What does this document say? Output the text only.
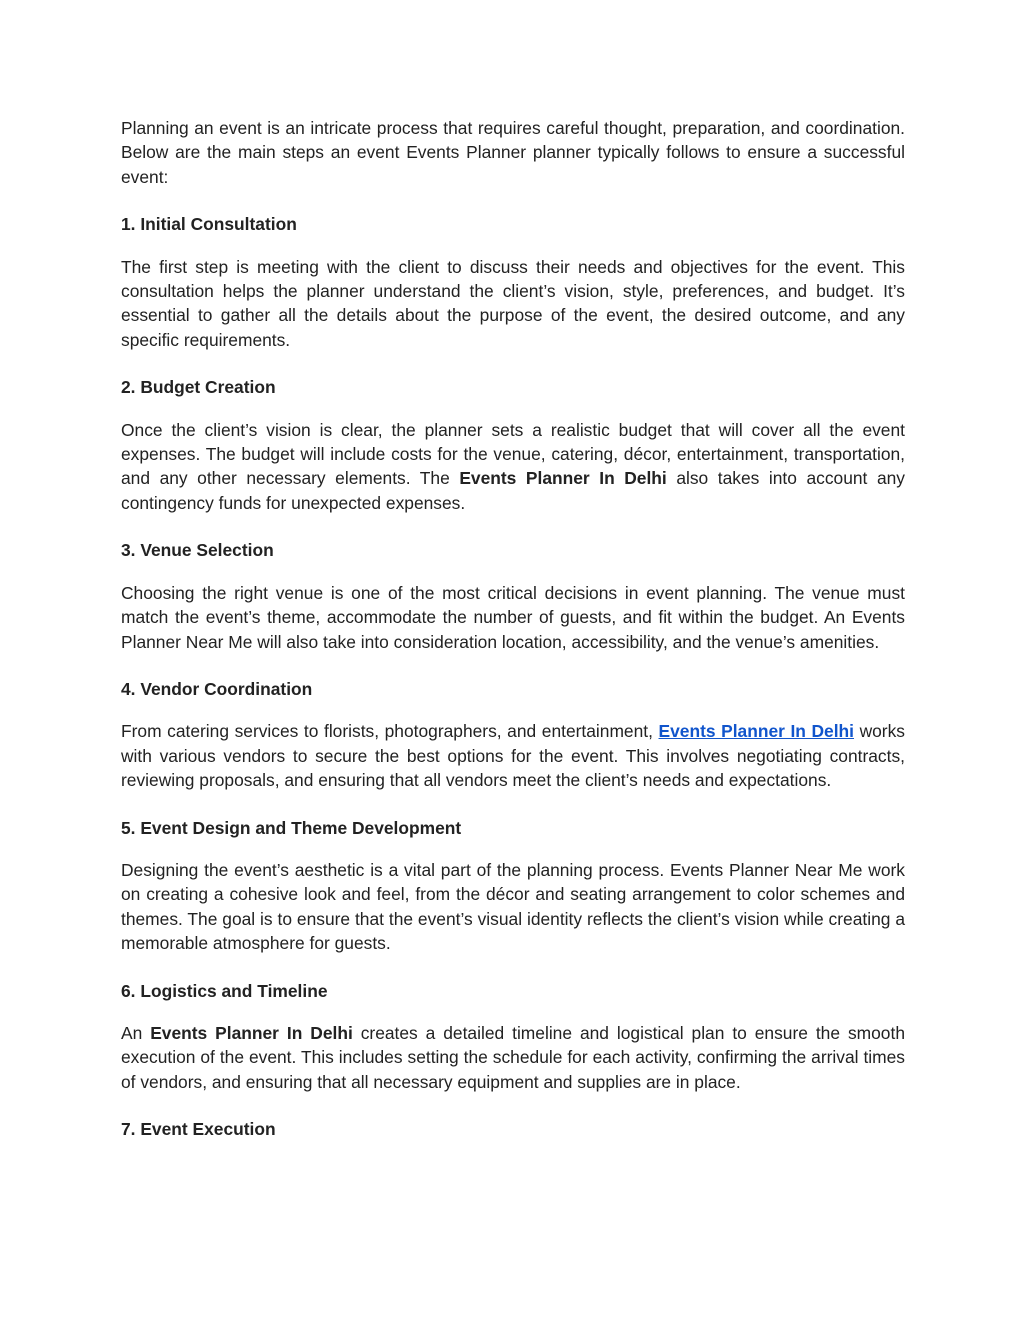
Planning an event is an intricate process that requires careful thought, preparation, and coordination. Below are the main steps an event Events Planner planner typically follows to ensure a successful event:

1. Initial Consultation

The first step is meeting with the client to discuss their needs and objectives for the event. This consultation helps the planner understand the client’s vision, style, preferences, and budget. It’s essential to gather all the details about the purpose of the event, the desired outcome, and any specific requirements.

2. Budget Creation

Once the client’s vision is clear, the planner sets a realistic budget that will cover all the event expenses. The budget will include costs for the venue, catering, décor, entertainment, transportation, and any other necessary elements. The Events Planner In Delhi also takes into account any contingency funds for unexpected expenses.

3. Venue Selection

Choosing the right venue is one of the most critical decisions in event planning. The venue must match the event’s theme, accommodate the number of guests, and fit within the budget. An Events Planner Near Me will also take into consideration location, accessibility, and the venue’s amenities.

4. Vendor Coordination

From catering services to florists, photographers, and entertainment, Events Planner In Delhi works with various vendors to secure the best options for the event. This involves negotiating contracts, reviewing proposals, and ensuring that all vendors meet the client’s needs and expectations.

5. Event Design and Theme Development

Designing the event’s aesthetic is a vital part of the planning process. Events Planner Near Me work on creating a cohesive look and feel, from the décor and seating arrangement to color schemes and themes. The goal is to ensure that the event’s visual identity reflects the client’s vision while creating a memorable atmosphere for guests.

6. Logistics and Timeline

An Events Planner In Delhi creates a detailed timeline and logistical plan to ensure the smooth execution of the event. This includes setting the schedule for each activity, confirming the arrival times of vendors, and ensuring that all necessary equipment and supplies are in place.

7. Event Execution
